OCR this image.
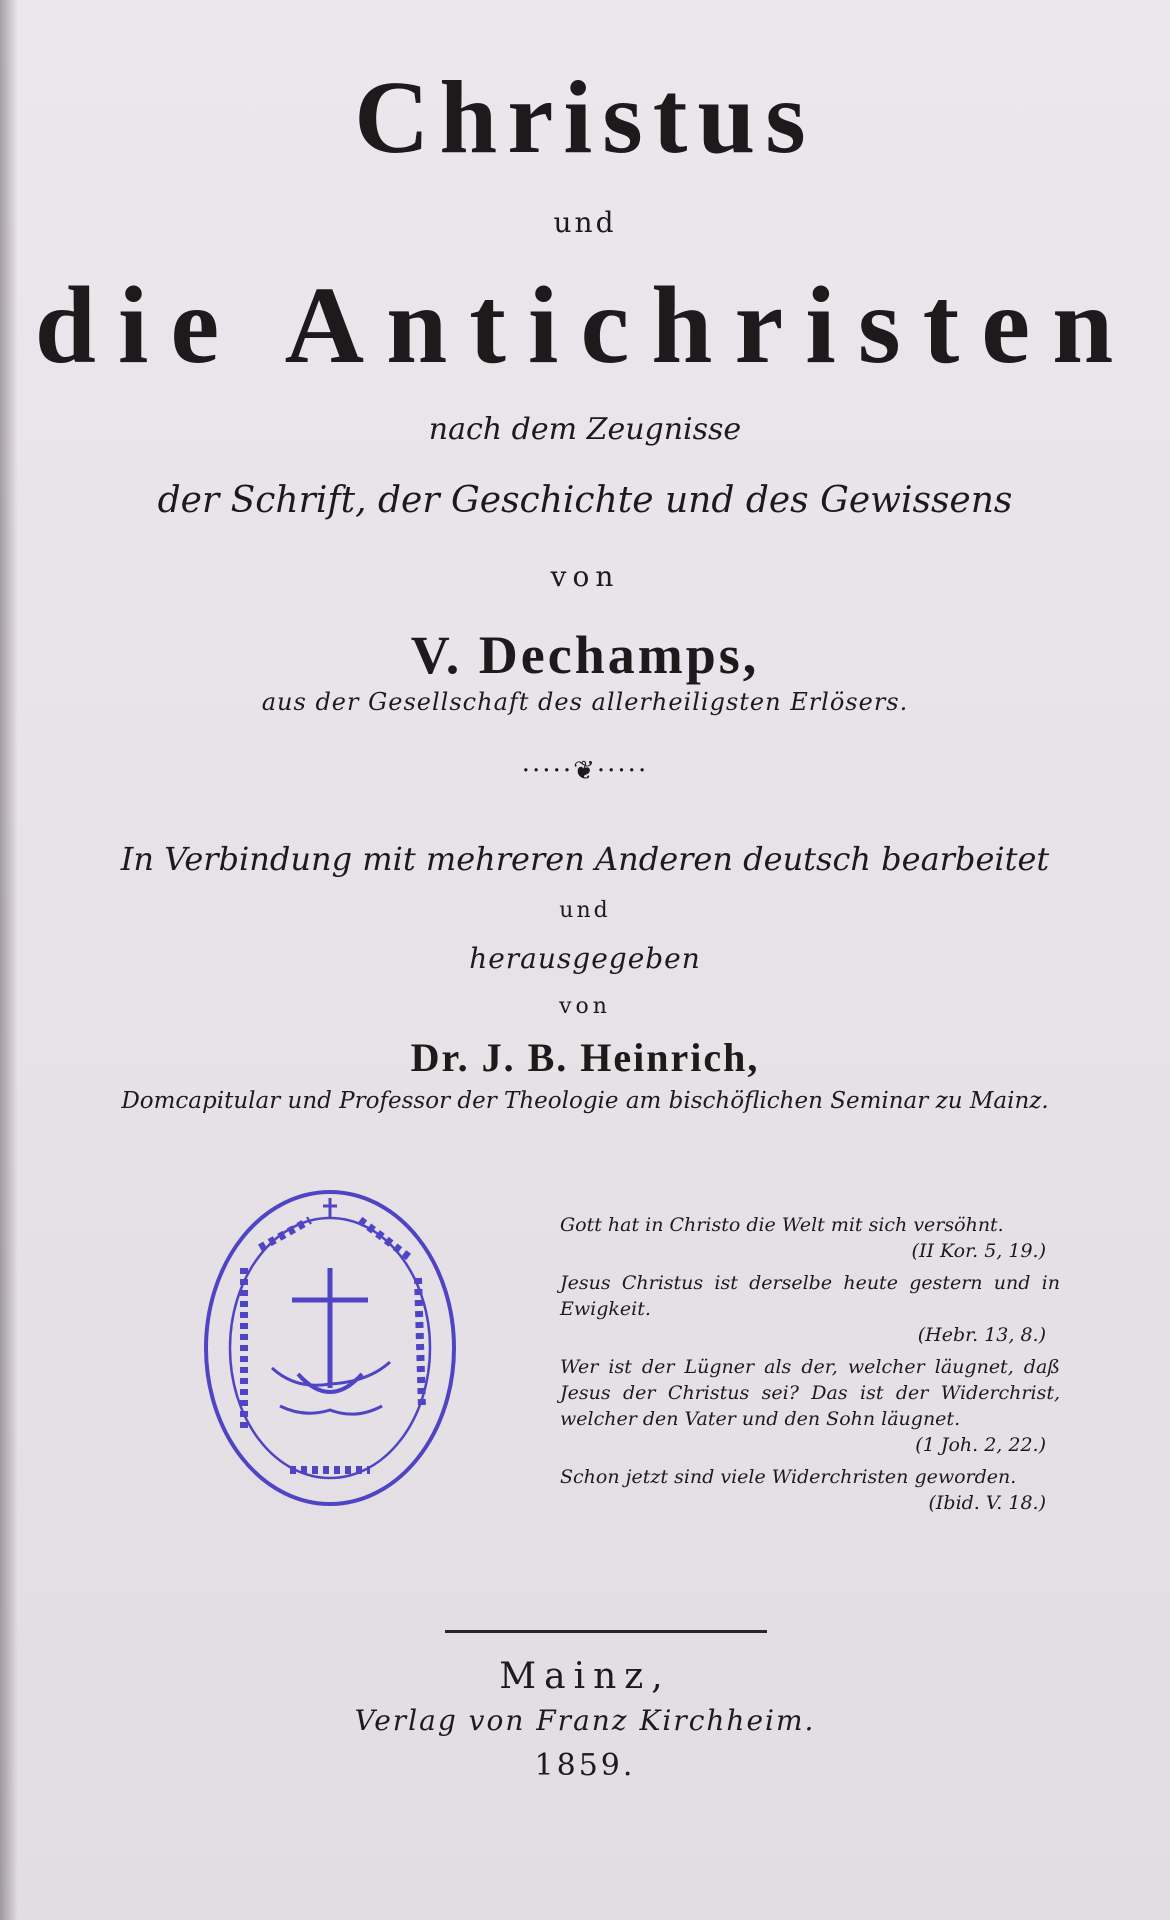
Christus
und
die Antichristen
nach dem Zeugnisse
der Schrift, der Geschichte und des Gewissens
von
V. Dechamps,
aus der Gesellschaft des allerheiligsten Erlösers.
·····❦·····
In Verbindung mit mehreren Anderen deutsch bearbeitet
und
herausgegeben
von
Dr. J. B. Heinrich,
Domcapitular und Professor der Theologie am bischöflichen Seminar zu Mainz.
Gott hat in Christo die Welt mit sich versöhnt.
(II Kor. 5, 19.)
Jesus Christus ist derselbe heute gestern und in Ewigkeit.
(Hebr. 13, 8.)
Wer ist der Lügner als der, welcher läugnet, daß Jesus der Christus sei? Das ist der Widerchrist, welcher den Vater und den Sohn läugnet.
(1 Joh. 2, 22.)
Schon jetzt sind viele Widerchristen geworden.
(Ibid. V. 18.)
Mainz,
Verlag von Franz Kirchheim.
1859.
